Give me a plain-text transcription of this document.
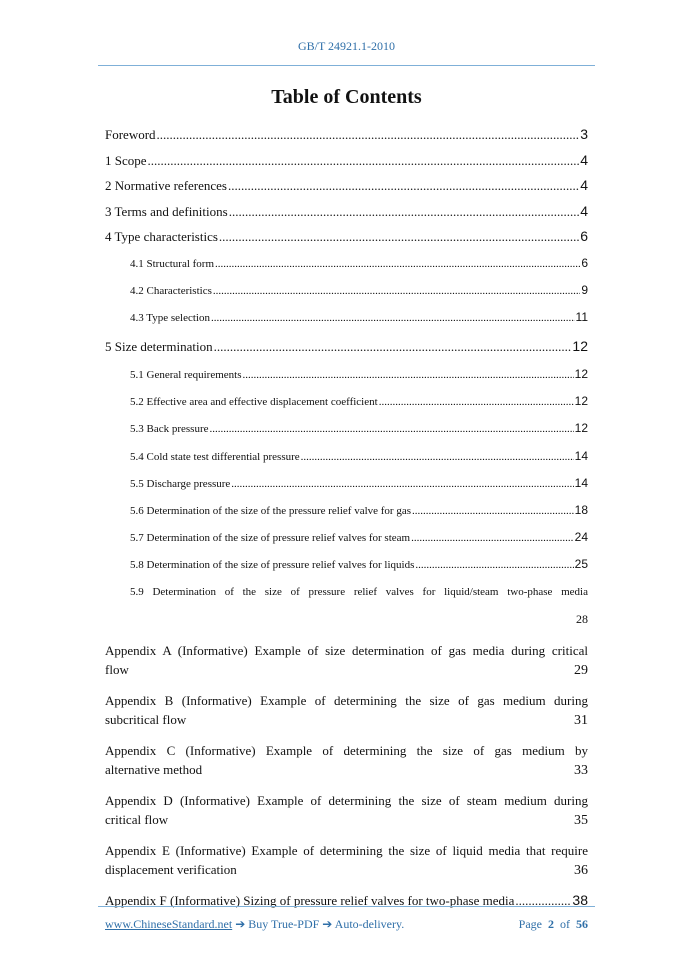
GB/T 24921.1-2010
Table of Contents
Foreword .....	3
1 Scope .....	4
2 Normative references .....	4
3 Terms and definitions .....	4
4 Type characteristics .....	6
4.1 Structural form .....	6
4.2 Characteristics .....	9
4.3 Type selection .....	11
5 Size determination .....	12
5.1 General requirements .....	12
5.2 Effective area and effective displacement coefficient .....	12
5.3 Back pressure .....	12
5.4 Cold state test differential pressure .....	14
5.5 Discharge pressure .....	14
5.6 Determination of the size of the pressure relief valve for gas .....	18
5.7 Determination of the size of pressure relief valves for steam .....	24
5.8 Determination of the size of pressure relief valves for liquids .....	25
5.9 Determination of the size of pressure relief valves for liquid/steam two-phase media
28
Appendix A (Informative) Example of size determination of gas media during critical
flow	29
Appendix B (Informative) Example of determining the size of gas medium during
subcritical flow	31
Appendix C (Informative) Example of determining the size of gas medium by
alternative method	33
Appendix D (Informative) Example of determining the size of steam medium during
critical flow	35
Appendix E (Informative) Example of determining the size of liquid media that require
displacement verification	36
Appendix F (Informative) Sizing of pressure relief valves for two-phase media .....	38
www.ChineseStandard.net ➔ Buy True-PDF ➔ Auto-delivery.	Page 2 of 56
